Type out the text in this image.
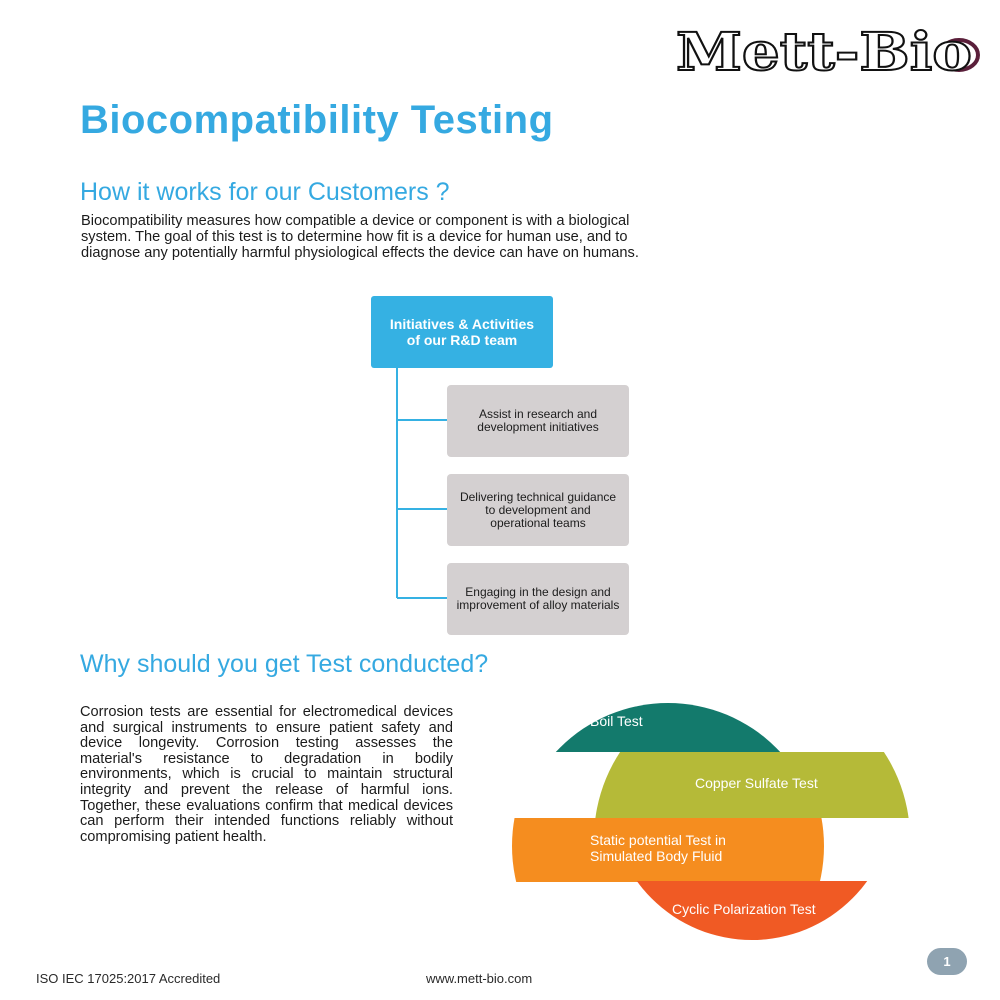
Mett-Bio
Biocompatibility Testing
How it works for our Customers ?

Biocompatibility measures how compatible a device or component is with a biological system. The goal of this test is to determine how fit is a device for human use, and to diagnose any potentially harmful physiological effects the device can have on humans.

Initiatives & Activities of our R&D team
Assist in research and development initiatives
Delivering technical guidance to development and operational teams
Engaging in the design and improvement of alloy materials
Why should you get Test conducted?

Corrosion tests are essential for electromedical devices and surgical instruments to ensure patient safety and device longevity. Corrosion testing assesses the material's resistance to degradation in bodily environments, which is crucial to maintain structural integrity and prevent the release of harmful ions. Together, these evaluations confirm that medical devices can perform their intended functions reliably without compromising patient health.

Boil Test
Copper Sulfate Test
Static potential Test in
Simulated Body Fluid
Cyclic Polarization Test
ISO IEC 17025:2017 Accredited	www.mett-bio.com
1
